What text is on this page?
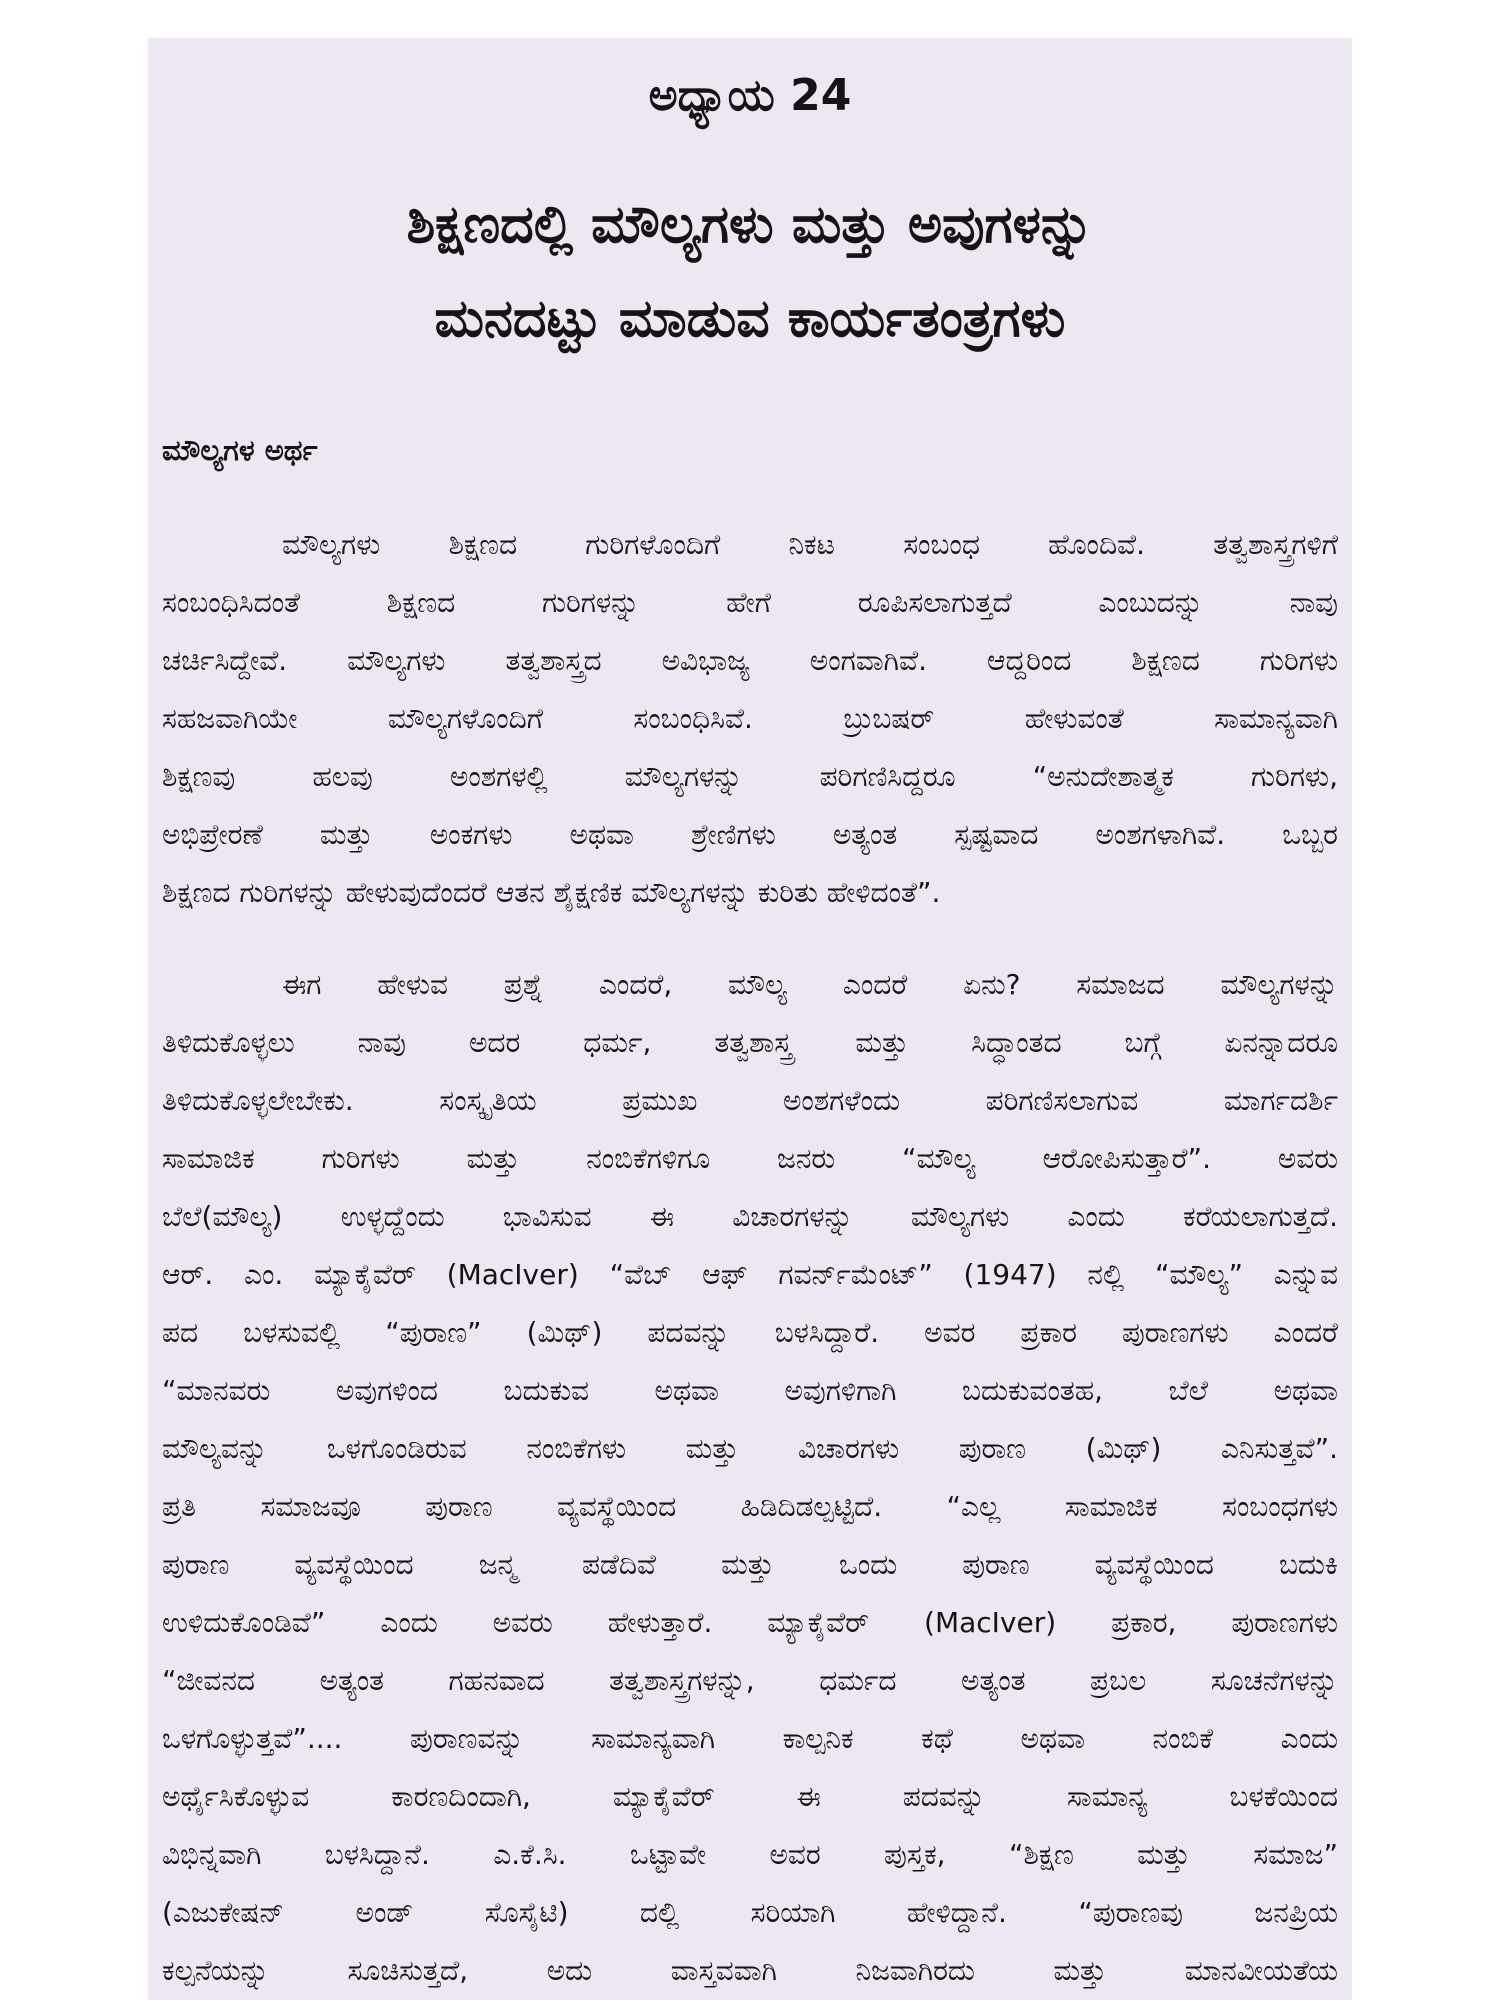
ಅಧ್ಯಾಯ 24
ಶಿಕ್ಷಣದಲ್ಲಿ ಮೌಲ್ಯಗಳು ಮತ್ತು ಅವುಗಳನ್ನು
ಮನದಟ್ಟು ಮಾಡುವ ಕಾರ್ಯತಂತ್ರಗಳು
ಮೌಲ್ಯಗಳ ಅರ್ಥ
ಮೌಲ್ಯಗಳು ಶಿಕ್ಷಣದ ಗುರಿಗಳೊಂದಿಗೆ ನಿಕಟ ಸಂಬಂಧ ಹೊಂದಿವೆ. ತತ್ವಶಾಸ್ತ್ರಗಳಿಗೆ
ಸಂಬಂಧಿಸಿದಂತೆ ಶಿಕ್ಷಣದ ಗುರಿಗಳನ್ನು ಹೇಗೆ ರೂಪಿಸಲಾಗುತ್ತದೆ ಎಂಬುದನ್ನು ನಾವು
ಚರ್ಚಿಸಿದ್ದೇವೆ. ಮೌಲ್ಯಗಳು ತತ್ವಶಾಸ್ತ್ರದ ಅವಿಭಾಜ್ಯ ಅಂಗವಾಗಿವೆ. ಆದ್ದರಿಂದ ಶಿಕ್ಷಣದ ಗುರಿಗಳು
ಸಹಜವಾಗಿಯೇ ಮೌಲ್ಯಗಳೊಂದಿಗೆ ಸಂಬಂಧಿಸಿವೆ. ಬ್ರುಬಷರ್ ಹೇಳುವಂತೆ ಸಾಮಾನ್ಯವಾಗಿ
ಶಿಕ್ಷಣವು ಹಲವು ಅಂಶಗಳಲ್ಲಿ ಮೌಲ್ಯಗಳನ್ನು ಪರಿಗಣಿಸಿದ್ದರೂ “ಅನುದೇಶಾತ್ಮಕ ಗುರಿಗಳು,
ಅಭಿಪ್ರೇರಣೆ ಮತ್ತು ಅಂಕಗಳು ಅಥವಾ ಶ್ರೇಣಿಗಳು ಅತ್ಯಂತ ಸ್ಪಷ್ಟವಾದ ಅಂಶಗಳಾಗಿವೆ. ಒಬ್ಬರ
ಶಿಕ್ಷಣದ ಗುರಿಗಳನ್ನು ಹೇಳುವುದೆಂದರೆ ಆತನ ಶೈಕ್ಷಣಿಕ ಮೌಲ್ಯಗಳನ್ನು ಕುರಿತು ಹೇಳಿದಂತೆ”.
ಈಗ ಹೇಳುವ ಪ್ರಶ್ನೆ ಎಂದರೆ, ಮೌಲ್ಯ ಎಂದರೆ ಏನು? ಸಮಾಜದ ಮೌಲ್ಯಗಳನ್ನು
ತಿಳಿದುಕೊಳ್ಳಲು ನಾವು ಅದರ ಧರ್ಮ, ತತ್ವಶಾಸ್ತ್ರ ಮತ್ತು ಸಿದ್ಧಾಂತದ ಬಗ್ಗೆ ಏನನ್ನಾದರೂ
ತಿಳಿದುಕೊಳ್ಳಲೇಬೇಕು. ಸಂಸ್ಕೃತಿಯ ಪ್ರಮುಖ ಅಂಶಗಳೆಂದು ಪರಿಗಣಿಸಲಾಗುವ ಮಾರ್ಗದರ್ಶಿ
ಸಾಮಾಜಿಕ ಗುರಿಗಳು ಮತ್ತು ನಂಬಿಕೆಗಳಿಗೂ ಜನರು “ಮೌಲ್ಯ ಆರೋಪಿಸುತ್ತಾರೆ”. ಅವರು
ಬೆಲೆ(ಮೌಲ್ಯ) ಉಳ್ಳದ್ದೆಂದು ಭಾವಿಸುವ ಈ ವಿಚಾರಗಳನ್ನು ಮೌಲ್ಯಗಳು ಎಂದು ಕರೆಯಲಾಗುತ್ತದೆ.
ಆರ್. ಎಂ. ಮ್ಯಾಕೈವೆರ್ (MacIver) “ವೆಬ್ ಆಫ್ ಗವರ್ನ್‌ಮೆಂಟ್” (1947) ನಲ್ಲಿ “ಮೌಲ್ಯ” ಎನ್ನುವ
ಪದ ಬಳಸುವಲ್ಲಿ “ಪುರಾಣ” (ಮಿಥ್) ಪದವನ್ನು ಬಳಸಿದ್ದಾರೆ. ಅವರ ಪ್ರಕಾರ ಪುರಾಣಗಳು ಎಂದರೆ
“ಮಾನವರು ಅವುಗಳಿಂದ ಬದುಕುವ ಅಥವಾ ಅವುಗಳಿಗಾಗಿ ಬದುಕುವಂತಹ, ಬೆಲೆ ಅಥವಾ
ಮೌಲ್ಯವನ್ನು ಒಳಗೊಂಡಿರುವ ನಂಬಿಕೆಗಳು ಮತ್ತು ವಿಚಾರಗಳು ಪುರಾಣ (ಮಿಥ್) ಎನಿಸುತ್ತವೆ”.
ಪ್ರತಿ ಸಮಾಜವೂ ಪುರಾಣ ವ್ಯವಸ್ಥೆಯಿಂದ ಹಿಡಿದಿಡಲ್ಪಟ್ಟಿದೆ. “ಎಲ್ಲ ಸಾಮಾಜಿಕ ಸಂಬಂಧಗಳು
ಪುರಾಣ ವ್ಯವಸ್ಥೆಯಿಂದ ಜನ್ಮ ಪಡೆದಿವೆ ಮತ್ತು ಒಂದು ಪುರಾಣ ವ್ಯವಸ್ಥೆಯಿಂದ ಬದುಕಿ
ಉಳಿದುಕೊಂಡಿವೆ” ಎಂದು ಅವರು ಹೇಳುತ್ತಾರೆ. ಮ್ಯಾಕೈವೆರ್ (MacIver) ಪ್ರಕಾರ, ಪುರಾಣಗಳು
“ಜೀವನದ ಅತ್ಯಂತ ಗಹನವಾದ ತತ್ವಶಾಸ್ತ್ರಗಳನ್ನು, ಧರ್ಮದ ಅತ್ಯಂತ ಪ್ರಬಲ ಸೂಚನೆಗಳನ್ನು
ಒಳಗೊಳ್ಳುತ್ತವೆ”.... ಪುರಾಣವನ್ನು ಸಾಮಾನ್ಯವಾಗಿ ಕಾಲ್ಪನಿಕ ಕಥೆ ಅಥವಾ ನಂಬಿಕೆ ಎಂದು
ಅರ್ಥೈಸಿಕೊಳ್ಳುವ ಕಾರಣದಿಂದಾಗಿ, ಮ್ಯಾಕೈವೆರ್ ಈ ಪದವನ್ನು ಸಾಮಾನ್ಯ ಬಳಕೆಯಿಂದ
ವಿಭಿನ್ನವಾಗಿ ಬಳಸಿದ್ದಾನೆ. ಎ.ಕೆ.ಸಿ. ಒಟ್ಟಾವೇ ಅವರ ಪುಸ್ತಕ, “ಶಿಕ್ಷಣ ಮತ್ತು ಸಮಾಜ”
(ಎಜುಕೇಷನ್ ಅಂಡ್ ಸೊಸೈಟಿ) ದಲ್ಲಿ ಸರಿಯಾಗಿ ಹೇಳಿದ್ದಾನೆ. “ಪುರಾಣವು ಜನಪ್ರಿಯ
ಕಲ್ಪನೆಯನ್ನು ಸೂಚಿಸುತ್ತದೆ, ಅದು ವಾಸ್ತವವಾಗಿ ನಿಜವಾಗಿರದು ಮತ್ತು ಮಾನವೀಯತೆಯ
